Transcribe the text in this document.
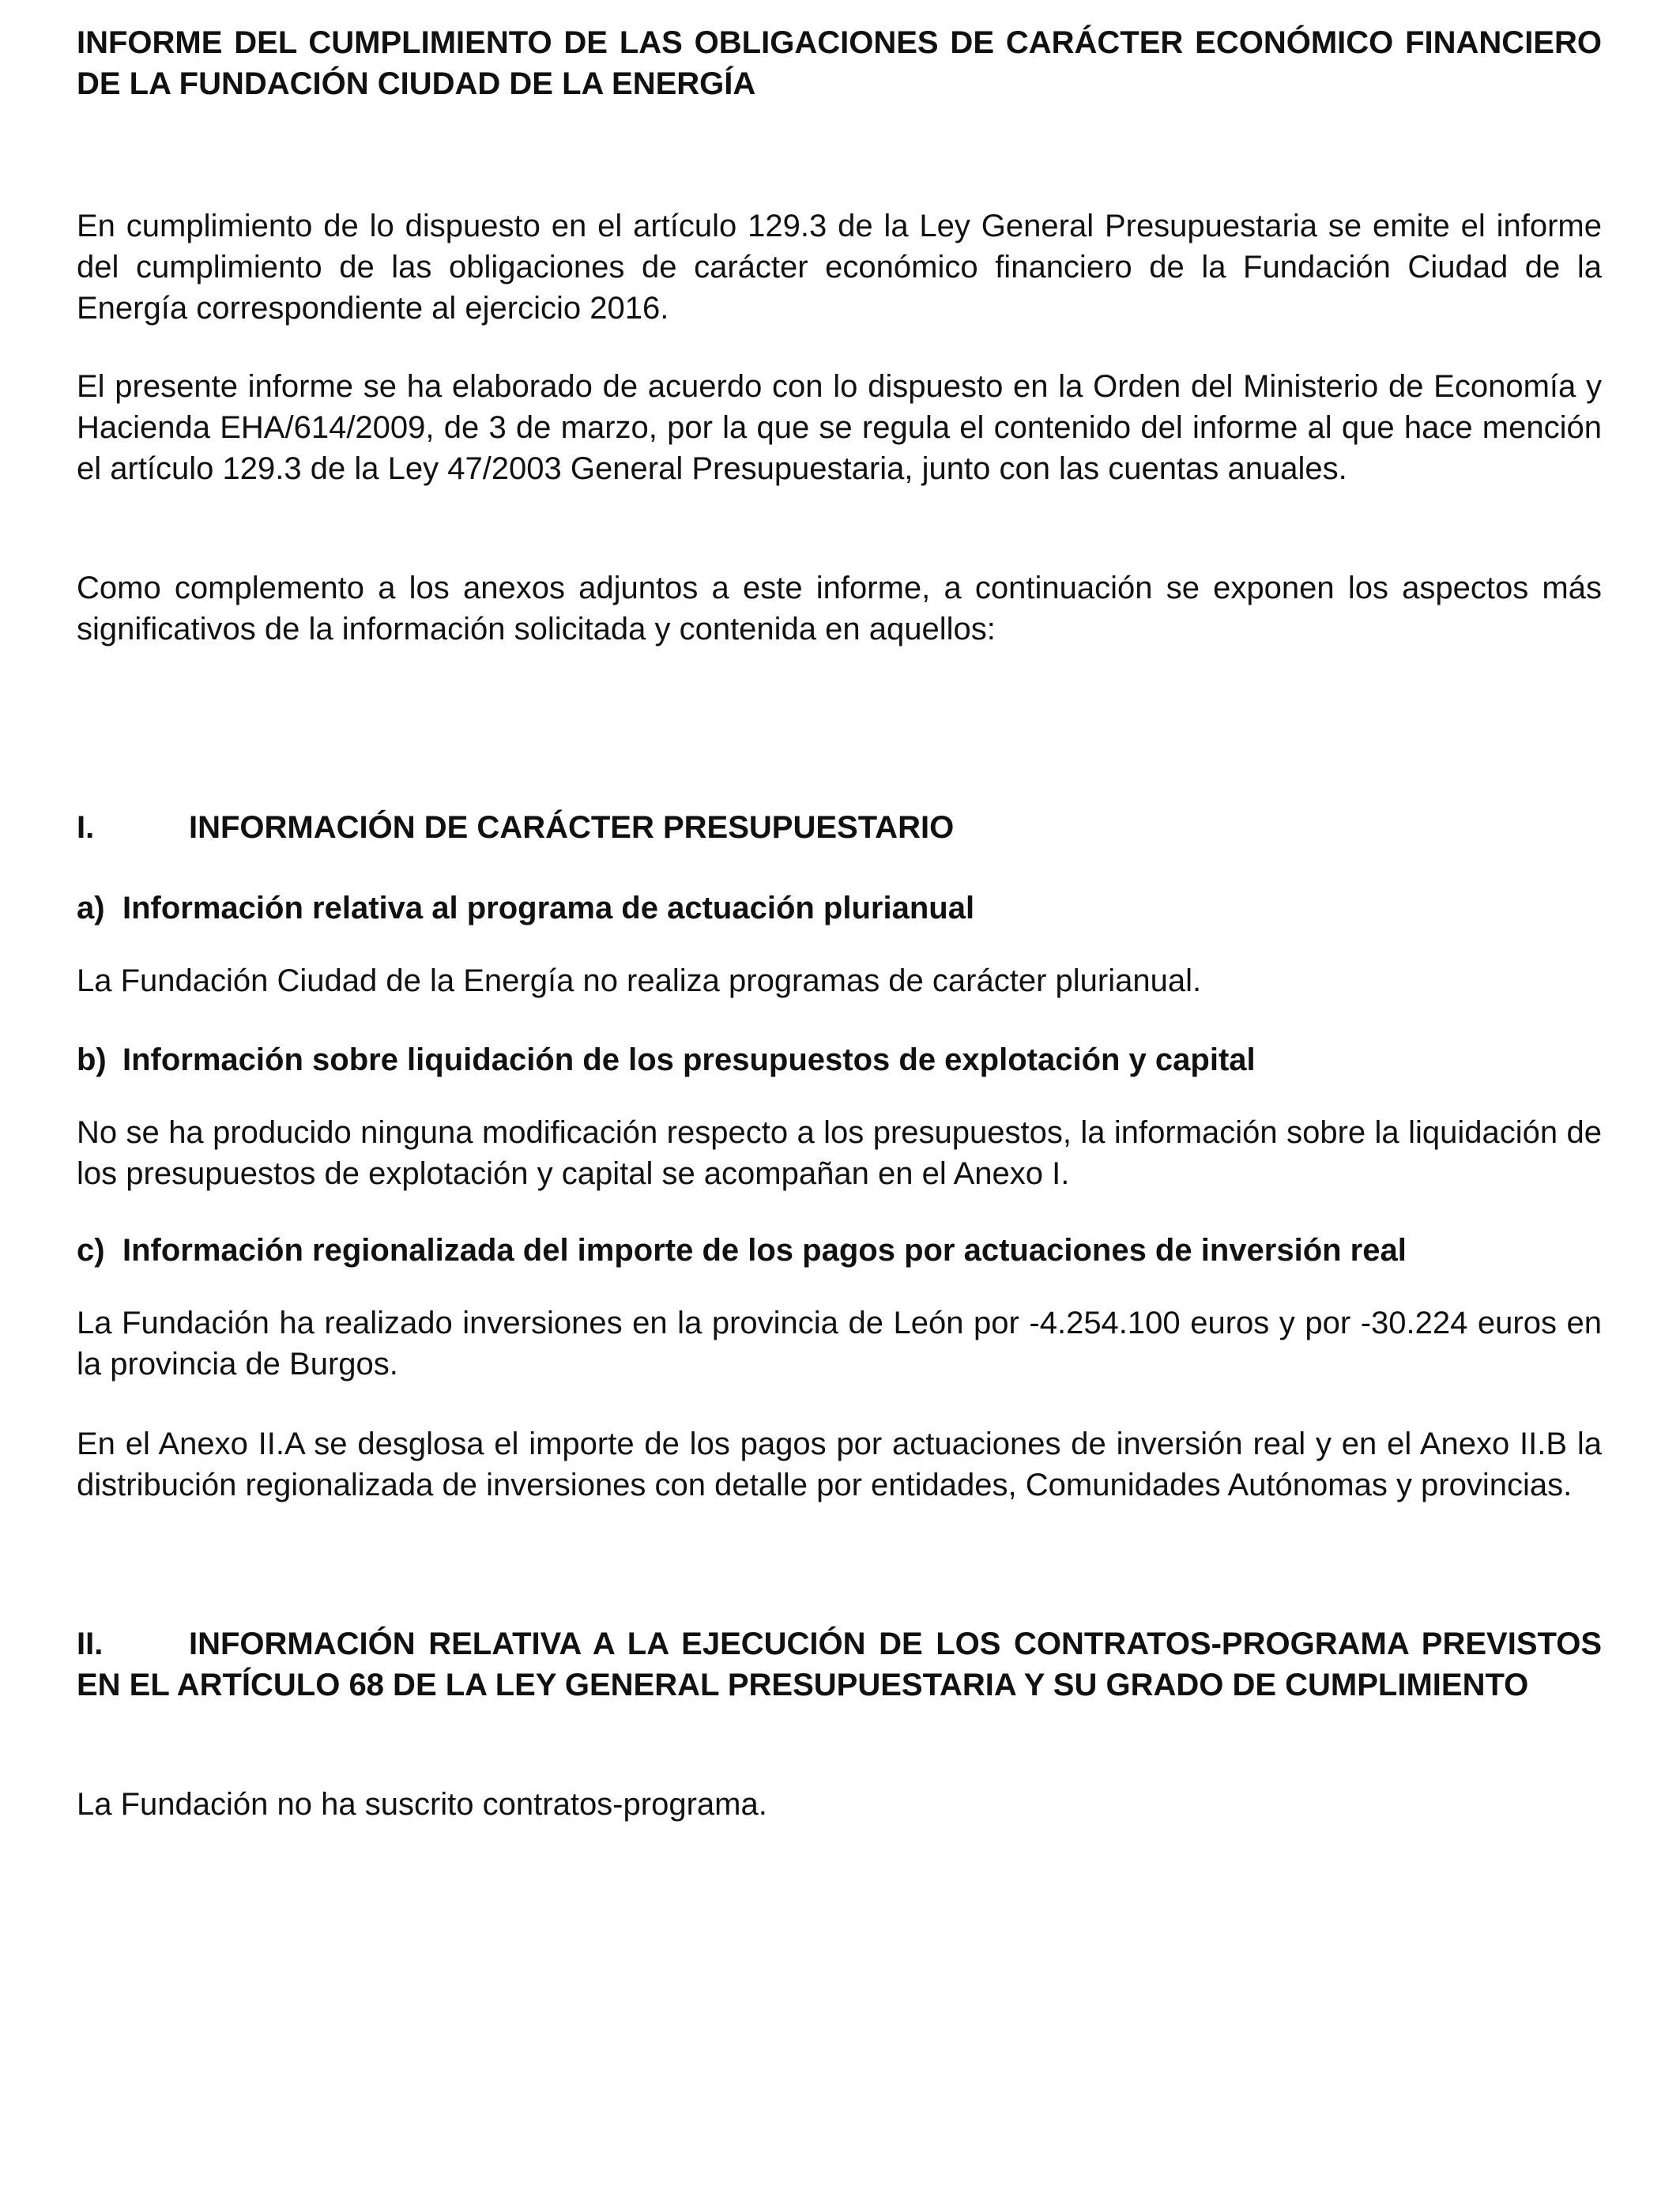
INFORME DEL CUMPLIMIENTO DE LAS OBLIGACIONES DE CARÁCTER ECONÓMICO FINANCIERO DE LA FUNDACIÓN CIUDAD DE LA ENERGÍA

En cumplimiento de lo dispuesto en el artículo 129.3 de la Ley General Presupuestaria se emite el informe del cumplimiento de las obligaciones de carácter económico financiero de la Fundación Ciudad de la Energía correspondiente al ejercicio 2016.

El presente informe se ha elaborado de acuerdo con lo dispuesto en la Orden del Ministerio de Economía y Hacienda EHA/614/2009, de 3 de marzo, por la que se regula el contenido del informe al que hace mención el artículo 129.3 de la Ley 47/2003 General Presupuestaria, junto con las cuentas anuales.

Como complemento a los anexos adjuntos a este informe, a continuación se exponen los aspectos más significativos de la información solicitada y contenida en aquellos:

I.	INFORMACIÓN DE CARÁCTER PRESUPUESTARIO
a) Información relativa al programa de actuación plurianual

La Fundación Ciudad de la Energía no realiza programas de carácter plurianual.

b) Información sobre liquidación de los presupuestos de explotación y capital

No se ha producido ninguna modificación respecto a los presupuestos, la información sobre la liquidación de los presupuestos de explotación y capital se acompañan en el Anexo I.

c) Información regionalizada del importe de los pagos por actuaciones de inversión real

La Fundación ha realizado inversiones en la provincia de León por -4.254.100 euros y por -30.224 euros en la provincia de Burgos.

En el Anexo II.A se desglosa el importe de los pagos por actuaciones de inversión real y en el Anexo II.B la distribución regionalizada de inversiones con detalle por entidades, Comunidades Autónomas y provincias.

II.	INFORMACIÓN RELATIVA A LA EJECUCIÓN DE LOS CONTRATOS-PROGRAMA PREVISTOS EN EL ARTÍCULO 68 DE LA LEY GENERAL PRESUPUESTARIA Y SU GRADO DE CUMPLIMIENTO

La Fundación no ha suscrito contratos-programa.
